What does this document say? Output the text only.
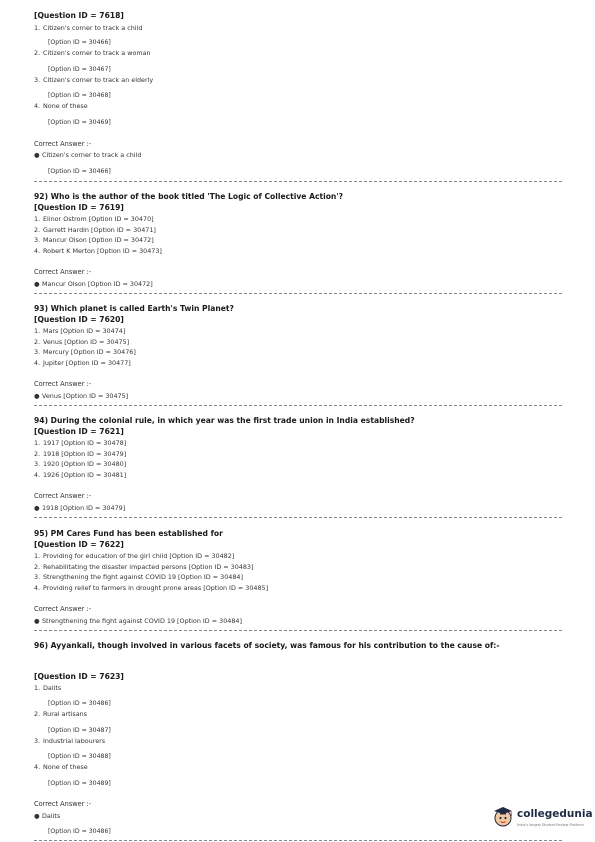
[Question ID = 7618]
1. Citizen's corner to track a child
[Option ID = 30466]
2. Citizen's corner to track a woman
[Option ID = 30467]
3. Citizen's corner to track an elderly
[Option ID = 30468]
4. None of these
[Option ID = 30469]
Correct Answer :-
● Citizen's corner to track a child
[Option ID = 30466]
92) Who is the author of the book titled 'The Logic of Collective Action'?
[Question ID = 7619]
1. Elinor Ostrom [Option ID = 30470]
2. Garrett Hardin [Option ID = 30471]
3. Mancur Olson [Option ID = 30472]
4. Robert K Merton [Option ID = 30473]
Correct Answer :-
● Mancur Olson [Option ID = 30472]
93) Which planet is called Earth's Twin Planet?
[Question ID = 7620]
1. Mars [Option ID = 30474]
2. Venus [Option ID = 30475]
3. Mercury [Option ID = 30476]
4. Jupiter [Option ID = 30477]
Correct Answer :-
● Venus [Option ID = 30475]
94) During the colonial rule, in which year was the first trade union in India established?
[Question ID = 7621]
1. 1917 [Option ID = 30478]
2. 1918 [Option ID = 30479]
3. 1920 [Option ID = 30480]
4. 1926 [Option ID = 30481]
Correct Answer :-
● 1918 [Option ID = 30479]
95) PM Cares Fund has been established for
[Question ID = 7622]
1. Providing for education of the girl child [Option ID = 30482]
2. Rehabilitating the disaster impacted persons [Option ID = 30483]
3. Strengthening the fight against COVID 19 [Option ID = 30484]
4. Providing relief to farmers in drought prone areas [Option ID = 30485]
Correct Answer :-
● Strengthening the fight against COVID 19 [Option ID = 30484]
96) Ayyankali, though involved in various facets of society, was famous for his contribution to the cause of:-
[Question ID = 7623]
1. Dalits
[Option ID = 30486]
2. Rural artisans
[Option ID = 30487]
3. Industrial labourers
[Option ID = 30488]
4. None of these
[Option ID = 30489]
Correct Answer :-
● Dalits
[Option ID = 30486]
collegedunia
India's largest Student Review Platform
